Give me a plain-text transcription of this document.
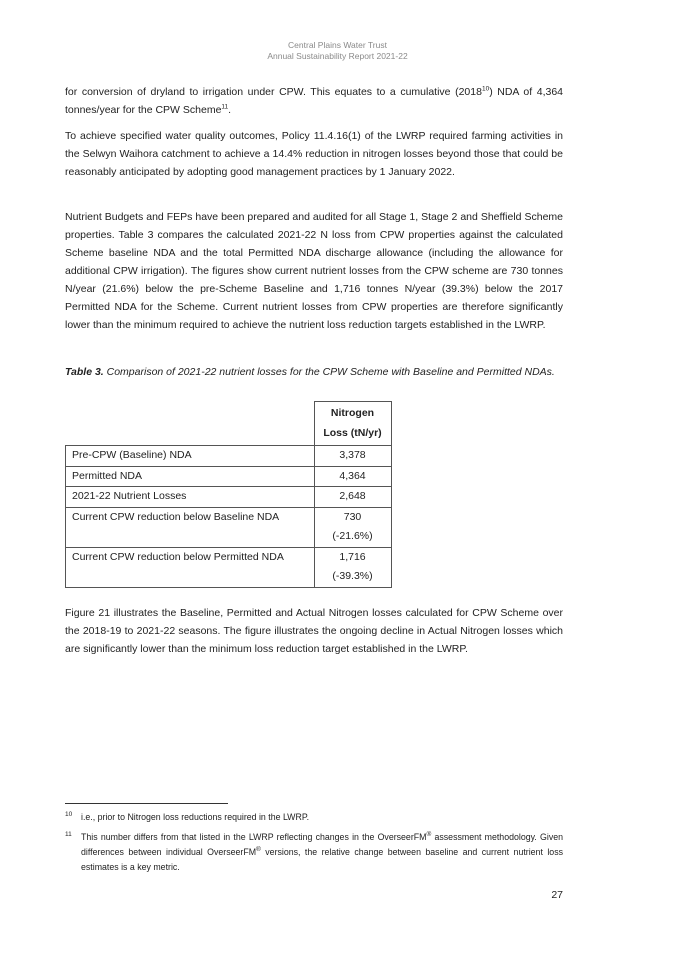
Central Plains Water Trust
Annual Sustainability Report 2021-22

for conversion of dryland to irrigation under CPW. This equates to a cumulative (2018$^{10}$) NDA of 4,364 tonnes/year for the CPW Scheme$^{11}$.

To achieve specified water quality outcomes, Policy 11.4.16(1) of the LWRP required farming activities in the Selwyn Waihora catchment to achieve a 14.4% reduction in nitrogen losses beyond those that could be reasonably anticipated by adopting good management practices by 1 January 2022.

Nutrient Budgets and FEPs have been prepared and audited for all Stage 1, Stage 2 and Sheffield Scheme properties. Table 3 compares the calculated 2021-22 N loss from CPW properties against the calculated Scheme baseline NDA and the total Permitted NDA discharge allowance (including the allowance for additional CPW irrigation). The figures show current nutrient losses from the CPW scheme are 730 tonnes N/year (21.6%) below the pre-Scheme Baseline and 1,716 tonnes N/year (39.3%) below the 2017 Permitted NDA for the Scheme. Current nutrient losses from CPW properties are therefore significantly lower than the minimum required to achieve the nutrient loss reduction targets established in the LWRP.

Table 3. Comparison of 2021-22 nutrient losses for the CPW Scheme with Baseline and Permitted NDAs.

	Nitrogen
Loss (tN/yr)

Pre-CPW (Baseline) NDA	3,378
Permitted NDA	4,364
2021-22 Nutrient Losses	2,648
Current CPW reduction below Baseline NDA	730
(-21.6%)

Current CPW reduction below Permitted NDA	1,716
(-39.3%)

Figure 21 illustrates the Baseline, Permitted and Actual Nitrogen losses calculated for CPW Scheme over the 2018-19 to 2021-22 seasons. The figure illustrates the ongoing decline in Actual Nitrogen losses which are significantly lower than the minimum loss reduction target established in the LWRP.

10 i.e., prior to Nitrogen loss reductions required in the LWRP.
11	This number differs from that listed in the LWRP reflecting changes in the OverseerFM® assessment methodology. Given differences between individual OverseerFM® versions, the relative change between baseline and current nutrient loss estimates is a key metric.
27
